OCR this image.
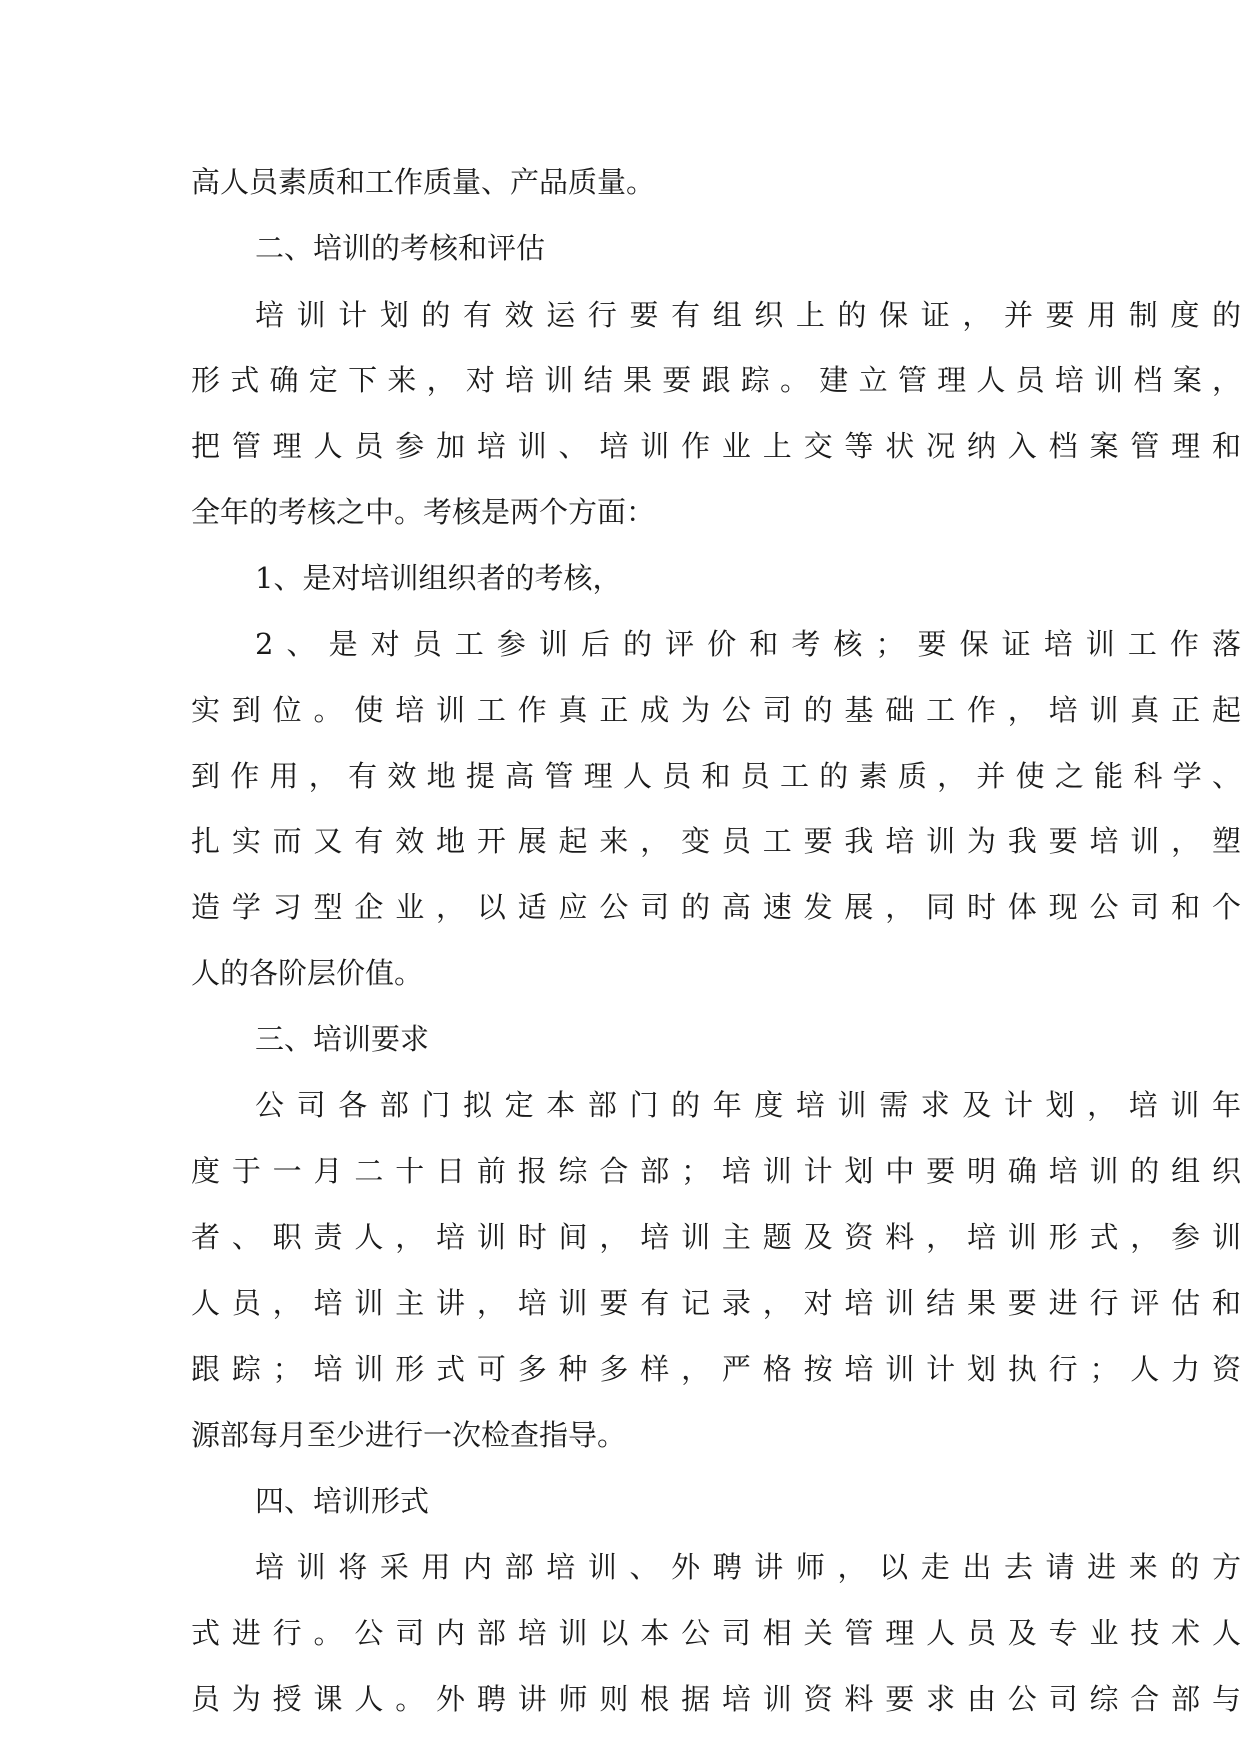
高人员素质和工作质量、产品质量。
二、培训的考核和评估
培训计划的有效运行要有组织上的保证，并要用制度的
形式确定下来，对培训结果要跟踪。建立管理人员培训档案，
把管理人员参加培训、培训作业上交等状况纳入档案管理和
全年的考核之中。考核是两个方面：
1、是对培训组织者的考核，
2、是对员工参训后的评价和考核；要保证培训工作落
实到位。使培训工作真正成为公司的基础工作，培训真正起
到作用，有效地提高管理人员和员工的素质，并使之能科学、
扎实而又有效地开展起来，变员工要我培训为我要培训，塑
造学习型企业，以适应公司的高速发展，同时体现公司和个
人的各阶层价值。
三、培训要求
公司各部门拟定本部门的年度培训需求及计划，培训年
度于一月二十日前报综合部；培训计划中要明确培训的组织
者、职责人，培训时间，培训主题及资料，培训形式，参训
人员，培训主讲，培训要有记录，对培训结果要进行评估和
跟踪；培训形式可多种多样，严格按培训计划执行；人力资
源部每月至少进行一次检查指导。
四、培训形式
培训将采用内部培训、外聘讲师，以走出去请进来的方
式进行。公司内部培训以本公司相关管理人员及专业技术人
员为授课人。外聘讲师则根据培训资料要求由公司综合部与
